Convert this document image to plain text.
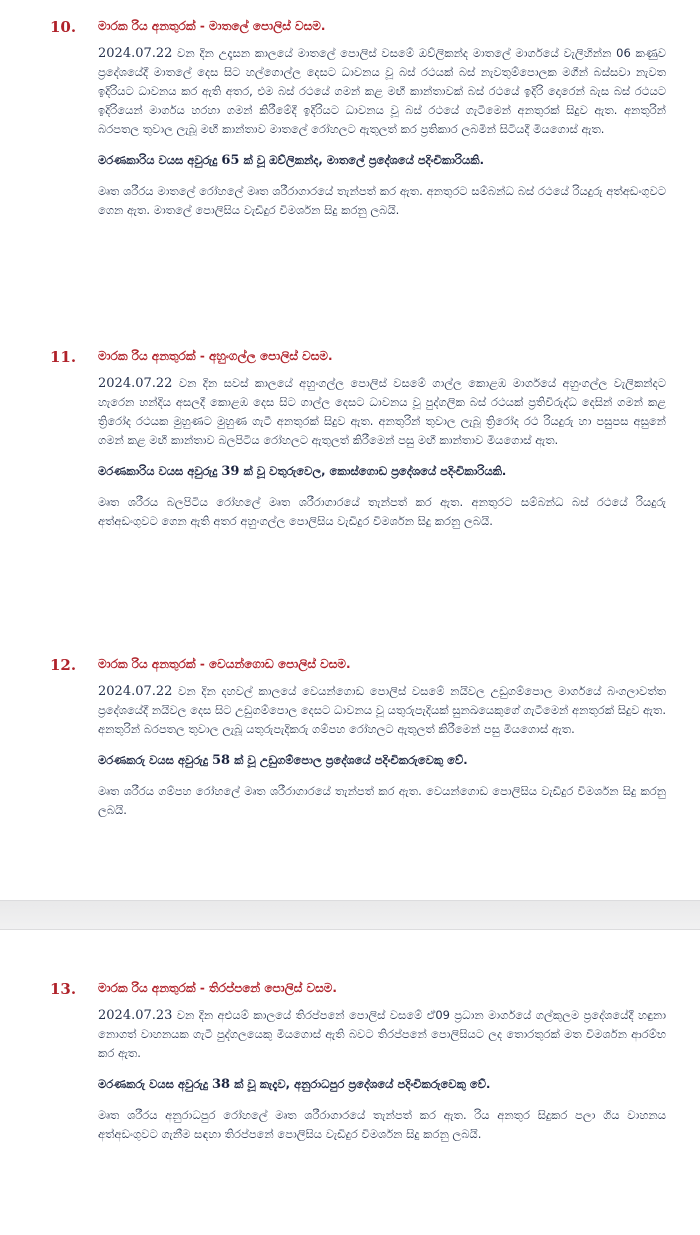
10. මාරක රිය අනතුරක් - මාතලේ පොලිස් වසම.

2024.07.22 වන දින උදෑසන කාලයේ මාතලේ පොලිස් වසමේ ඔව්ලිකන්ද මාතලේ මාර්ගයේ වැලිහින්න 06 කණුව ප්‍රදේශයේදී මාතලේ දෙස සිට හල්ගොල්ල දෙසට ධාවනය වූ බස් රථයක් බස් නැවතුම්පොලක මගීන් බස්සවා නැවත ඉදිරියට ධාවනය කර ඇති අතර, එම බස් රථයේ ගමන් කළ මඟී කාන්තාවක් බස් රථයේ ඉදිරි දොරෙන් බැස බස් රථයට ඉදිරියෙන් මාර්ගය හරහා ගමන් කිරීමේදී ඉදිරියට ධාවනය වූ බස් රථයේ ගැටීමෙන් අනතුරක් සිදුව ඇත. අනතුරින් බරපතල තුවාල ලැබූ මඟී කාන්තාව මාතලේ රෝහලට ඇතුලත් කර ප්‍රතිකාර ලබමින් සිටියදී මියගොස් ඇත.

මරණකාරිය වයස අවුරුදු 65 ක් වූ ඔව්ලිකන්ද, මාතලේ ප්‍රදේශයේ පදිංචිකාරියකි.

මෘත ශරීරය මාතලේ රෝහලේ මෘත ශරීරාගාරයේ තැන්පත් කර ඇත. අනතුරට සම්බන්ධ බස් රථයේ රියදුරු අත්අඩංගුවට ගෙන ඇත. මාතලේ පොලිසිය වැඩිදුර විමර්ශන සිදු කරනු ලබයි.

11. මාරක රිය අනතුරක් - අහුංගල්ල පොලිස් වසම.

2024.07.22 වන දින සවස් කාලයේ අහුංගල්ල පොලිස් වසමේ ගාල්ල කොළඹ මාර්ගයේ අහුංගල්ල වැලිකන්දට හැරෙන හන්දිය අසලදී කොළඹ දෙස සිට ගාල්ල දෙසට ධාවනය වූ පුද්ගලික බස් රථයක් ප්‍රතිවිරුද්ධ දෙසින් ගමන් කළ ත්‍රිරෝද රථයක මුහුණට මුහුණ ගැටී අනතුරක් සිදුව ඇත. අනතුරින් තුවාල ලැබූ ත්‍රිරෝද රථ රියදුරු හා පසුපස අසුනේ ගමන් කළ මඟී කාන්තාව බලපිටිය රෝහලට ඇතුලත් කිරීමෙන් පසු මඟී කාන්තාව මියගොස් ඇත.

මරණකාරිය වයස අවුරුදු 39 ක් වූ වතුරුවෙල, කොස්ගොඩ ප්‍රදේශයේ පදිංචිකාරියකි.

මෘත ශරීරය බලපිටිය රෝහලේ මෘත ශරීරාගාරයේ තැන්පත් කර ඇත. අනතුරට සම්බන්ධ බස් රථයේ රියදුරු අත්අඩංගුවට ගෙන ඇති අතර අහුංගල්ල පොලිසිය වැඩිදුර විමර්ශන සිදු කරනු ලබයි.

12. මාරක රිය අනතුරක් - වෙයන්ගොඩ පොලිස් වසම.

2024.07.22 වන දින දහවල් කාලයේ වෙයන්ගොඩ පොලිස් වසමේ නයිවල උඩුගම්පොල මාර්ගයේ බංගලාවත්ත ප්‍රදේශයේදී නයිවල දෙස සිට උඩුගම්පොල දෙසට ධාවනය වූ යතුරුපැදියක් සුනඛයෙකුගේ ගැටීමෙන් අනතුරක් සිදුව ඇත. අනතුරින් බරපතල තුවාල ලැබූ යතුරුපැදිකරු ගම්පහ රෝහලට ඇතුලත් කිරීමෙන් පසු මියගොස් ඇත.

මරණකරු වයස අවුරුදු 58 ක් වූ උඩුගම්පොල ප්‍රදේශයේ පදිංචිකරුවෙකු වේ.

මෘත ශරීරය ගම්පහ රෝහලේ මෘත ශරීරාගාරයේ තැන්පත් කර ඇත. වෙයන්ගොඩ පොලිසිය වැඩිදුර විමර්ශන සිදු කරනු ලබයි.

13. මාරක රිය අනතුරක් - තිරප්පනේ පොලිස් වසම.

2024.07.23 වන දින අළුයම් කාලයේ තිරප්පනේ පොලිස් වසමේ ඒ09 ප්‍රධාන මාර්ගයේ ගල්කුලම ප්‍රදේශයේදී හඳුනා නොගත් වාහනයක ගැටී පුද්ගලයෙකු මියගොස් ඇති බවට තිරප්පනේ පොලිසියට ලද තොරතුරක් මත විමර්ශන ආරම්භ කර ඇත.

මරණකරු වයස අවුරුදු 38 ක් වූ කැදැව, අනුරාධපුර ප්‍රදේශයේ පදිංචිකරුවෙකු වේ.

මෘත ශරීරය අනුරාධපුර රෝහලේ මෘත ශරීරාගාරයේ තැන්පත් කර ඇත. රිය අනතුර සිදුකර පලා ගිය වාහනය අත්අඩංගුවට ගැනීම සඳහා තිරප්පනේ පොලිසිය වැඩිදුර විමර්ශන සිදු කරනු ලබයි.
